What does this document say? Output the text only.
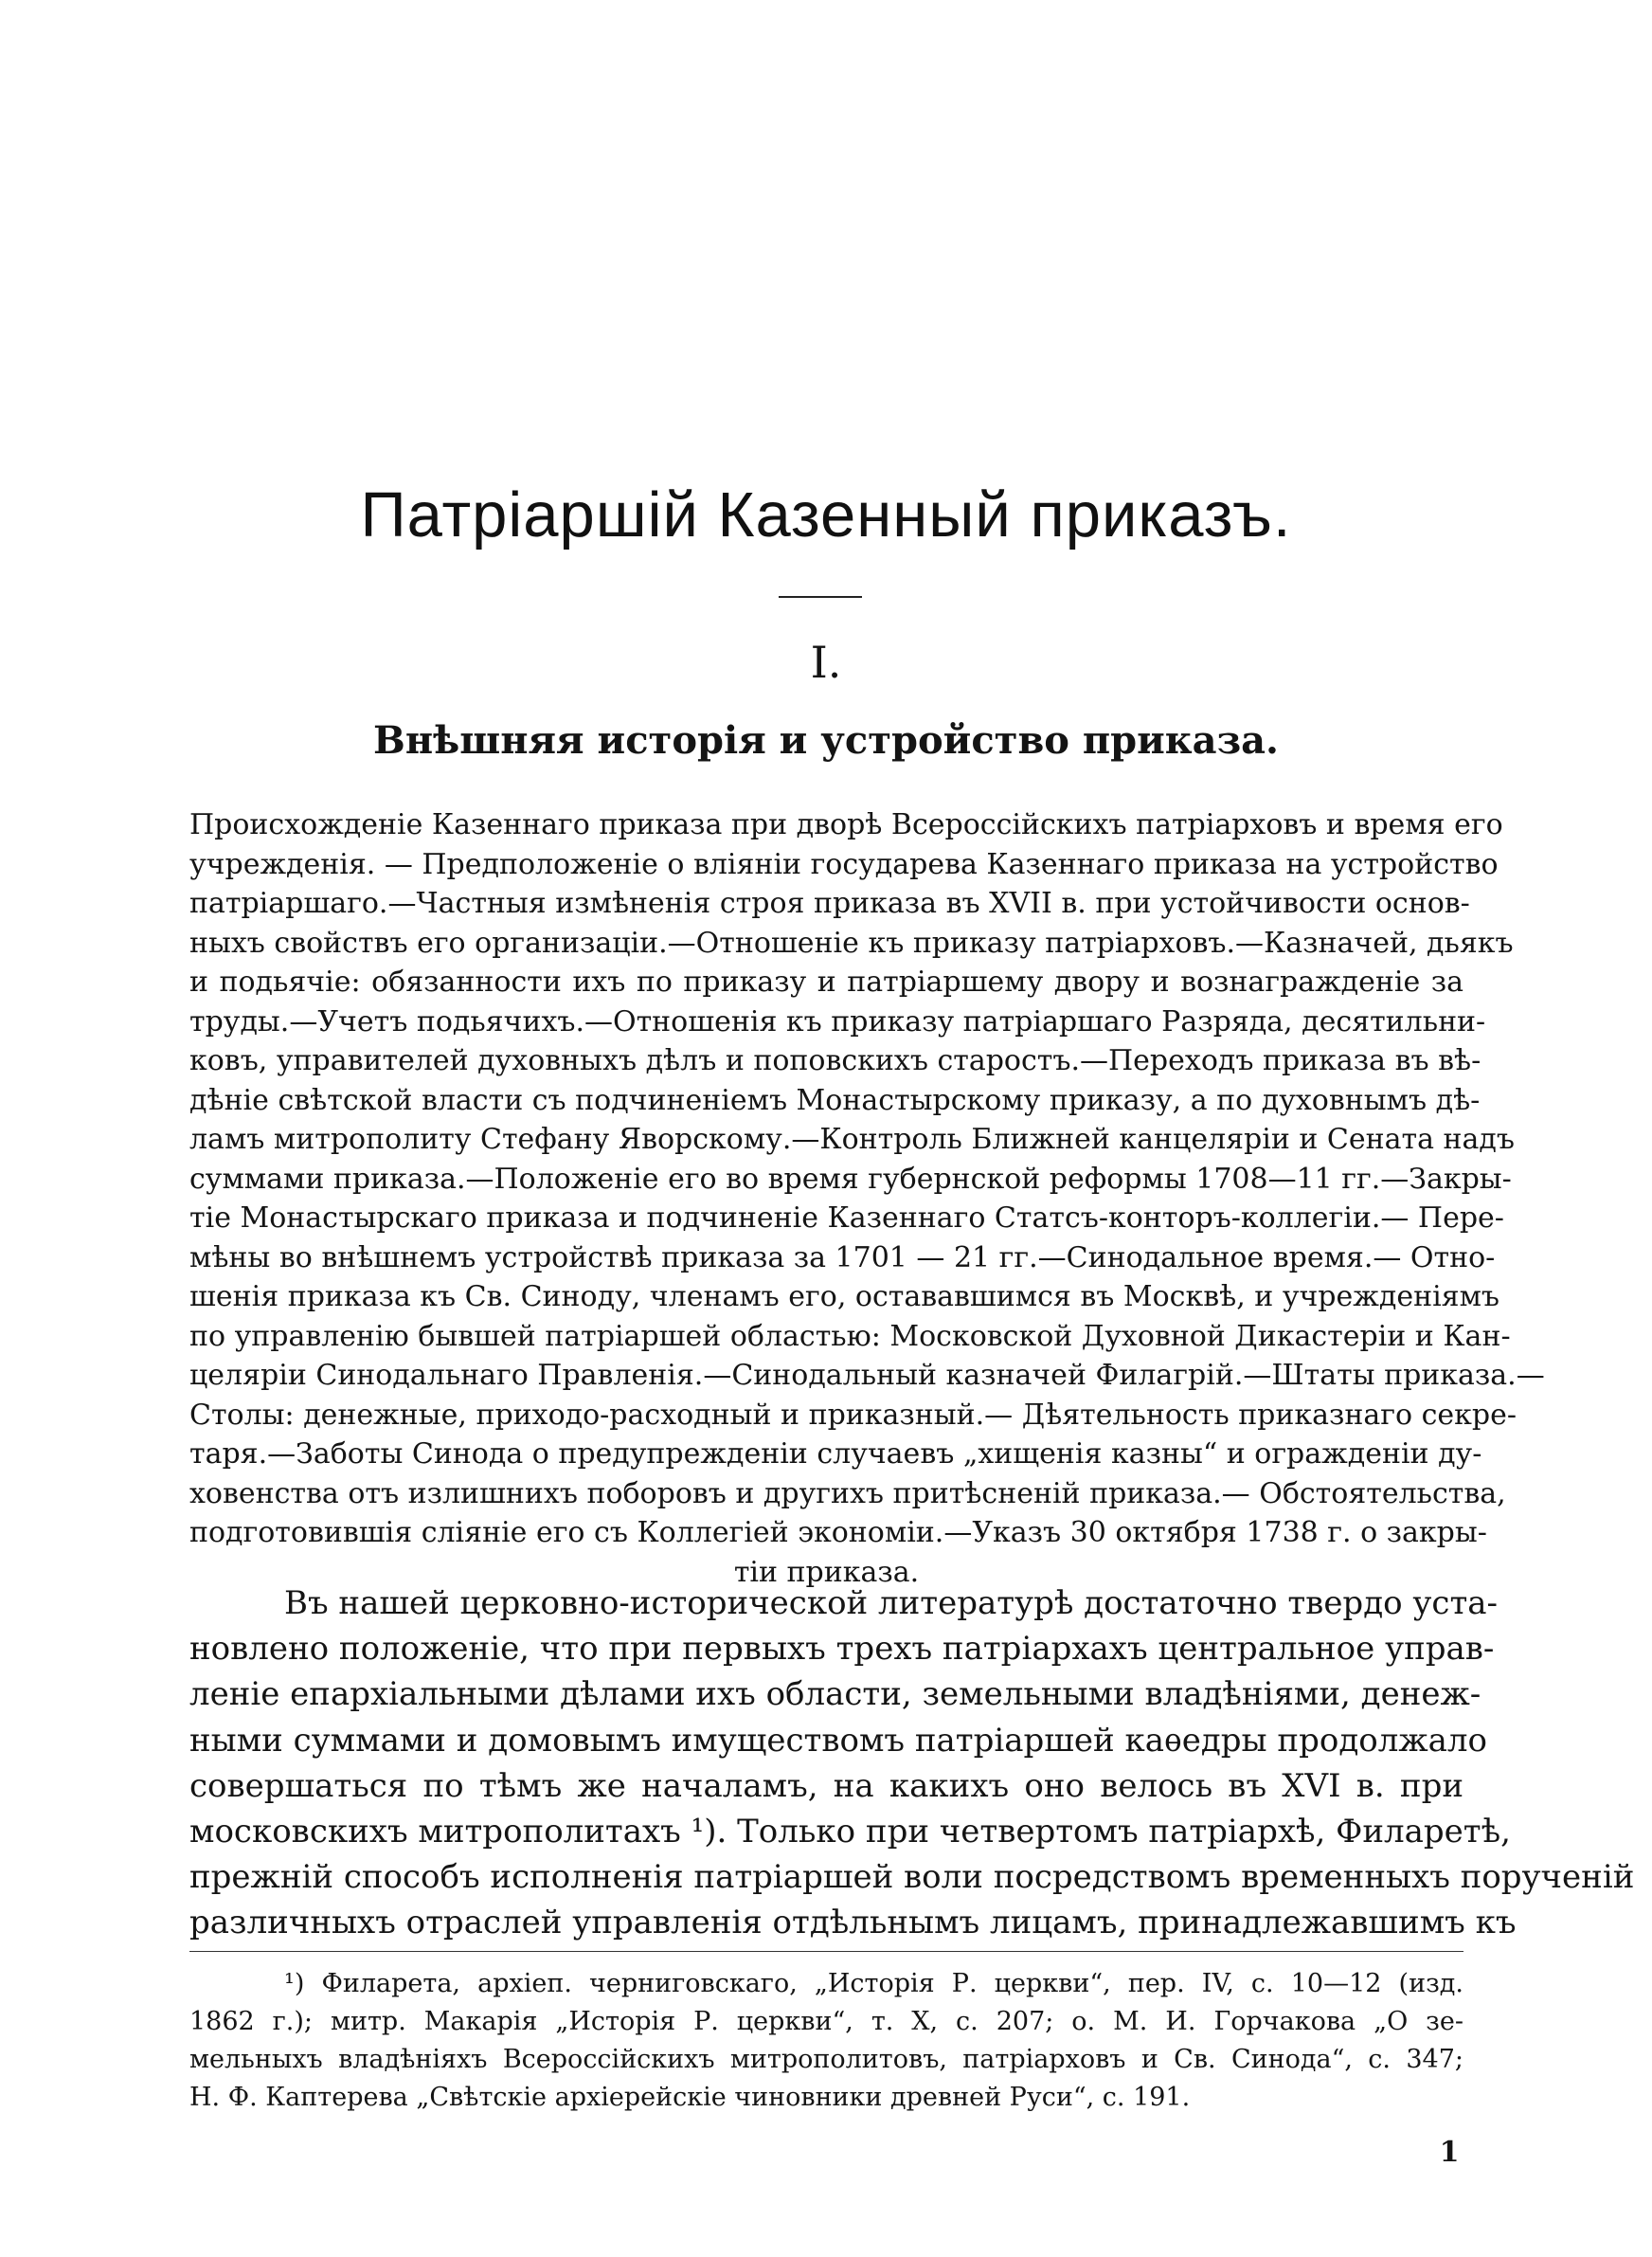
Патріаршій Казенный приказъ.
I.
Внѣшняя исторія и устройство приказа.
Происхожденіе Казеннаго приказа при дворѣ Всероссійскихъ патріарховъ и время его
учрежденія. — Предположеніе о вліяніи государева Казеннаго приказа на устройство
патріаршаго.—Частныя измѣненія строя приказа въ XVII в. при устойчивости основ-
ныхъ свойствъ его организаціи.—Отношеніе къ приказу патріарховъ.—Казначей, дьякъ
и подьячіе: обязанности ихъ по приказу и патріаршему двору и вознагражденіе за
труды.—Учетъ подьячихъ.—Отношенія къ приказу патріаршаго Разряда, десятильни-
ковъ, управителей духовныхъ дѣлъ и поповскихъ старостъ.—Переходъ приказа въ вѣ-
дѣніе свѣтской власти съ подчиненіемъ Монастырскому приказу, а по духовнымъ дѣ-
ламъ митрополиту Стефану Яворскому.—Контроль Ближней канцеляріи и Сената надъ
суммами приказа.—Положеніе его во время губернской реформы 1708—11 гг.—Закры-
тіе Монастырскаго приказа и подчиненіе Казеннаго Статсъ-конторъ-коллегіи.— Пере-
мѣны во внѣшнемъ устройствѣ приказа за 1701 — 21 гг.—Синодальное время.— Отно-
шенія приказа къ Св. Синоду, членамъ его, остававшимся въ Москвѣ, и учрежденіямъ
по управленію бывшей патріаршей областью: Московской Духовной Дикастеріи и Кан-
целяріи Синодальнаго Правленія.—Синодальный казначей Филагрій.—Штаты приказа.—
Столы: денежные, приходо-расходный и приказный.— Дѣятельность приказнаго секре-
таря.—Заботы Синода о предупрежденіи случаевъ „хищенія казны“ и огражденіи ду-
ховенства отъ излишнихъ поборовъ и другихъ притѣсненій приказа.— Обстоятельства,
подготовившія сліяніе его съ Коллегіей экономіи.—Указъ 30 октября 1738 г. о закры-
тіи приказа.
Въ нашей церковно-исторической литературѣ достаточно твердо уста-
новлено положеніе, что при первыхъ трехъ патріархахъ центральное управ-
леніе епархіальными дѣлами ихъ области, земельными владѣніями, денеж-
ными суммами и домовымъ имуществомъ патріаршей каѳедры продолжало
совершаться по тѣмъ же началамъ, на какихъ оно велось въ XVI в. при
московскихъ митрополитахъ ¹). Только при четвертомъ патріархѣ, Филаретѣ,
прежній способъ исполненія патріаршей воли посредствомъ временныхъ порученій
различныхъ отраслей управленія отдѣльнымъ лицамъ, принадлежавшимъ къ
¹) Филарета, архіеп. черниговскаго, „Исторія Р. церкви“, пер. IV, с. 10—12 (изд.
1862 г.); митр. Макарія „Исторія Р. церкви“, т. X, с. 207; о. М. И. Горчакова „О зе-
мельныхъ владѣніяхъ Всероссійскихъ митрополитовъ, патріарховъ и Св. Синода“, с. 347;
Н. Ф. Каптерева „Свѣтскіе архіерейскіе чиновники древней Руси“, с. 191.
1
